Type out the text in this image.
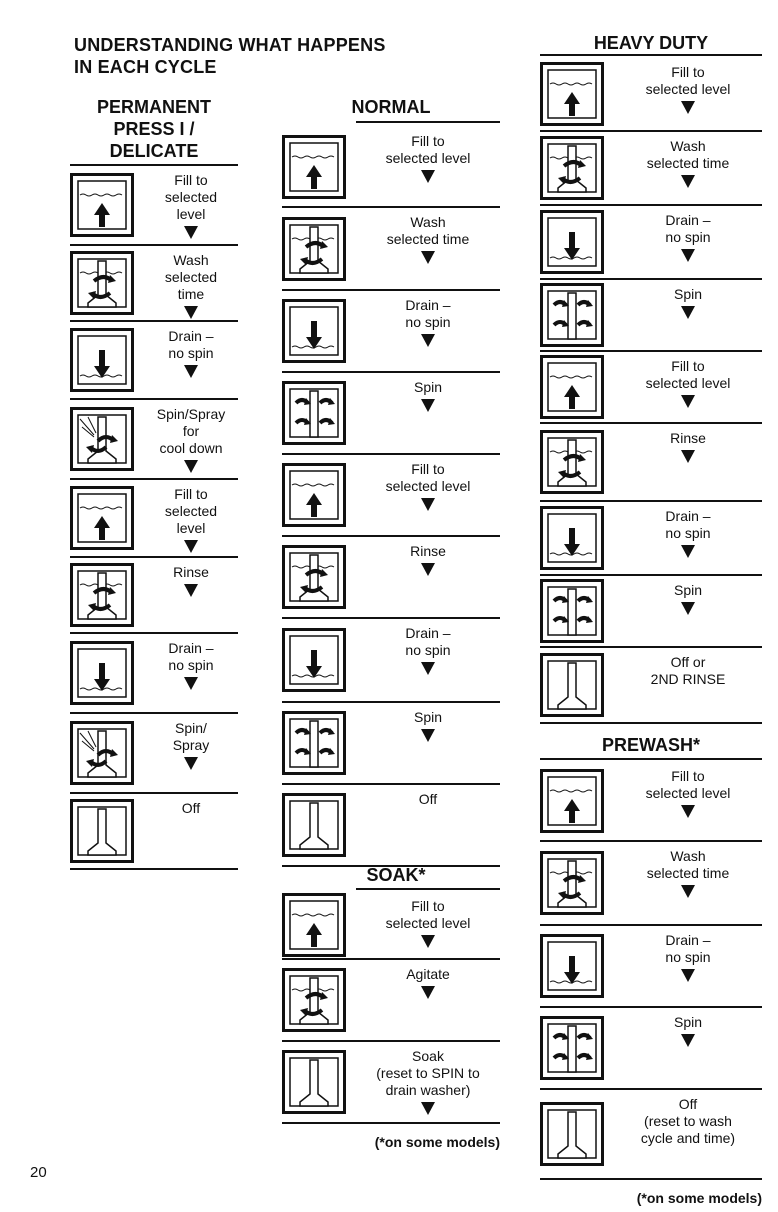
UNDERSTANDING WHAT HAPPENS
IN EACH CYCLE
PERMANENT
PRESS I /
DELICATE
Fill to
selected
level
Wash
selected
time
Drain –
no spin
Spin/Spray
for
cool down
Fill to
selected
level
Rinse
Drain –
no spin
Spin/
Spray
Off
NORMAL
Fill to
selected level
Wash
selected time
Drain –
no spin
Spin
Fill to
selected level
Rinse
Drain –
no spin
Spin
Off
SOAK*
Fill to
selected level
Agitate
Soak
(reset to SPIN to
drain washer)
(*on some models)
HEAVY DUTY
Fill to
selected level
Wash
selected time
Drain –
no spin
Spin
Fill to
selected level
Rinse
Drain –
no spin
Spin
Off or
2ND RINSE
PREWASH*
Fill to
selected level
Wash
selected time
Drain –
no spin
Spin
Off
(reset to wash
cycle and time)
(*on some models)
20
